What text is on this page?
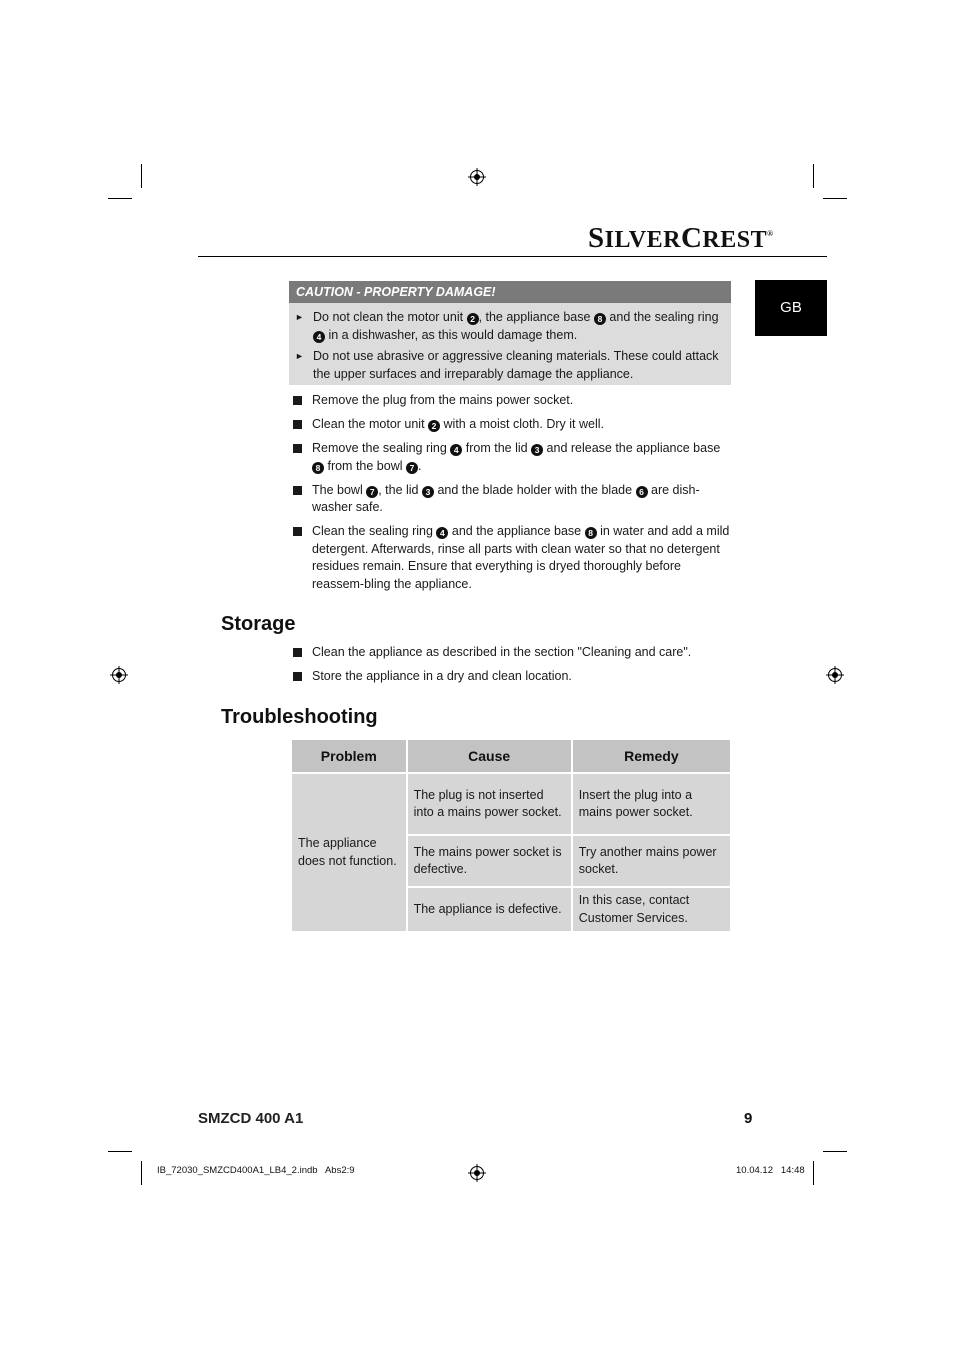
SILVERCREST®
GB
CAUTION - PROPERTY DAMAGE!
► Do not clean the motor unit 2 , the appliance base 8 and the sealing ring 4 in a dishwasher, as this would damage them.
► Do not use abrasive or aggressive cleaning materials. These could attack the upper surfaces and irreparably damage the appliance.
Remove the plug from the mains power socket.
Clean the motor unit 2 with a moist cloth. Dry it well.
Remove the sealing ring 4 from the lid 3 and release the appliance base 8 from the bowl 7 .
The bowl 7 , the lid 3 and the blade holder with the blade 6 are dish-washer safe.
Clean the sealing ring 4 and the appliance base 8 in water and add a mild detergent. Afterwards, rinse all parts with clean water so that no detergent residues remain. Ensure that everything is dryed thoroughly before reassem-bling the appliance.
Storage
Clean the appliance as described in the section "Cleaning and care".
Store the appliance in a dry and clean location.
Troubleshooting
Problem	Cause	Remedy
The appliance does not function.	The plug is not inserted into a mains power socket.	Insert the plug into a mains power socket.
	The mains power socket is defective.	Try another mains power socket.
	The appliance is defective.	In this case, contact Customer Services.
SMZCD 400 A1	9
IB_72030_SMZCD400A1_LB4_2.indb   Abs2:9	10.04.12   14:48
